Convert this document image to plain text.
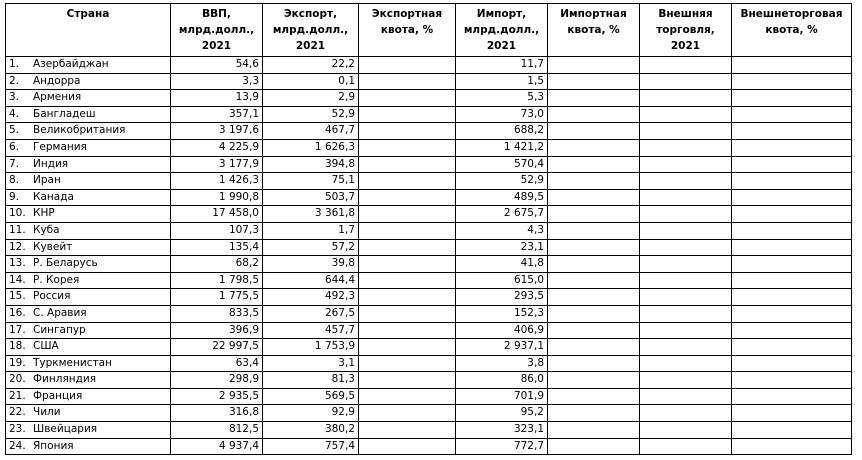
Страна	ВВП, млрд.долл., 2021	Экспорт, млрд.долл., 2021	Экспортная квота, %	Импорт, млрд.долл., 2021	Импортная квота, %	Внешняя торговля, 2021	Внешнеторговая квота, %
1. Азербайджан	54,6	22,2		11,7			
2. Андорра	3,3	0,1		1,5			
3. Армения	13,9	2,9		5,3			
4. Бангладеш	357,1	52,9		73,0			
5. Великобритания	3 197,6	467,7		688,2			
6. Германия	4 225,9	1 626,3		1 421,2			
7. Индия	3 177,9	394,8		570,4			
8. Иран	1 426,3	75,1		52,9			
9. Канада	1 990,8	503,7		489,5			
10. КНР	17 458,0	3 361,8		2 675,7			
11. Куба	107,3	1,7		4,3			
12. Кувейт	135,4	57,2		23,1			
13. Р. Беларусь	68,2	39,8		41,8			
14. Р. Корея	1 798,5	644,4		615,0			
15. Россия	1 775,5	492,3		293,5			
16. С. Аравия	833,5	267,5		152,3			
17. Сингапур	396,9	457,7		406,9			
18. США	22 997,5	1 753,9		2 937,1			
19. Туркменистан	63,4	3,1		3,8			
20. Финляндия	298,9	81,3		86,0			
21. Франция	2 935,5	569,5		701,9			
22. Чили	316,8	92,9		95,2			
23. Швейцария	812,5	380,2		323,1			
24. Япония	4 937,4	757,4		772,7			
